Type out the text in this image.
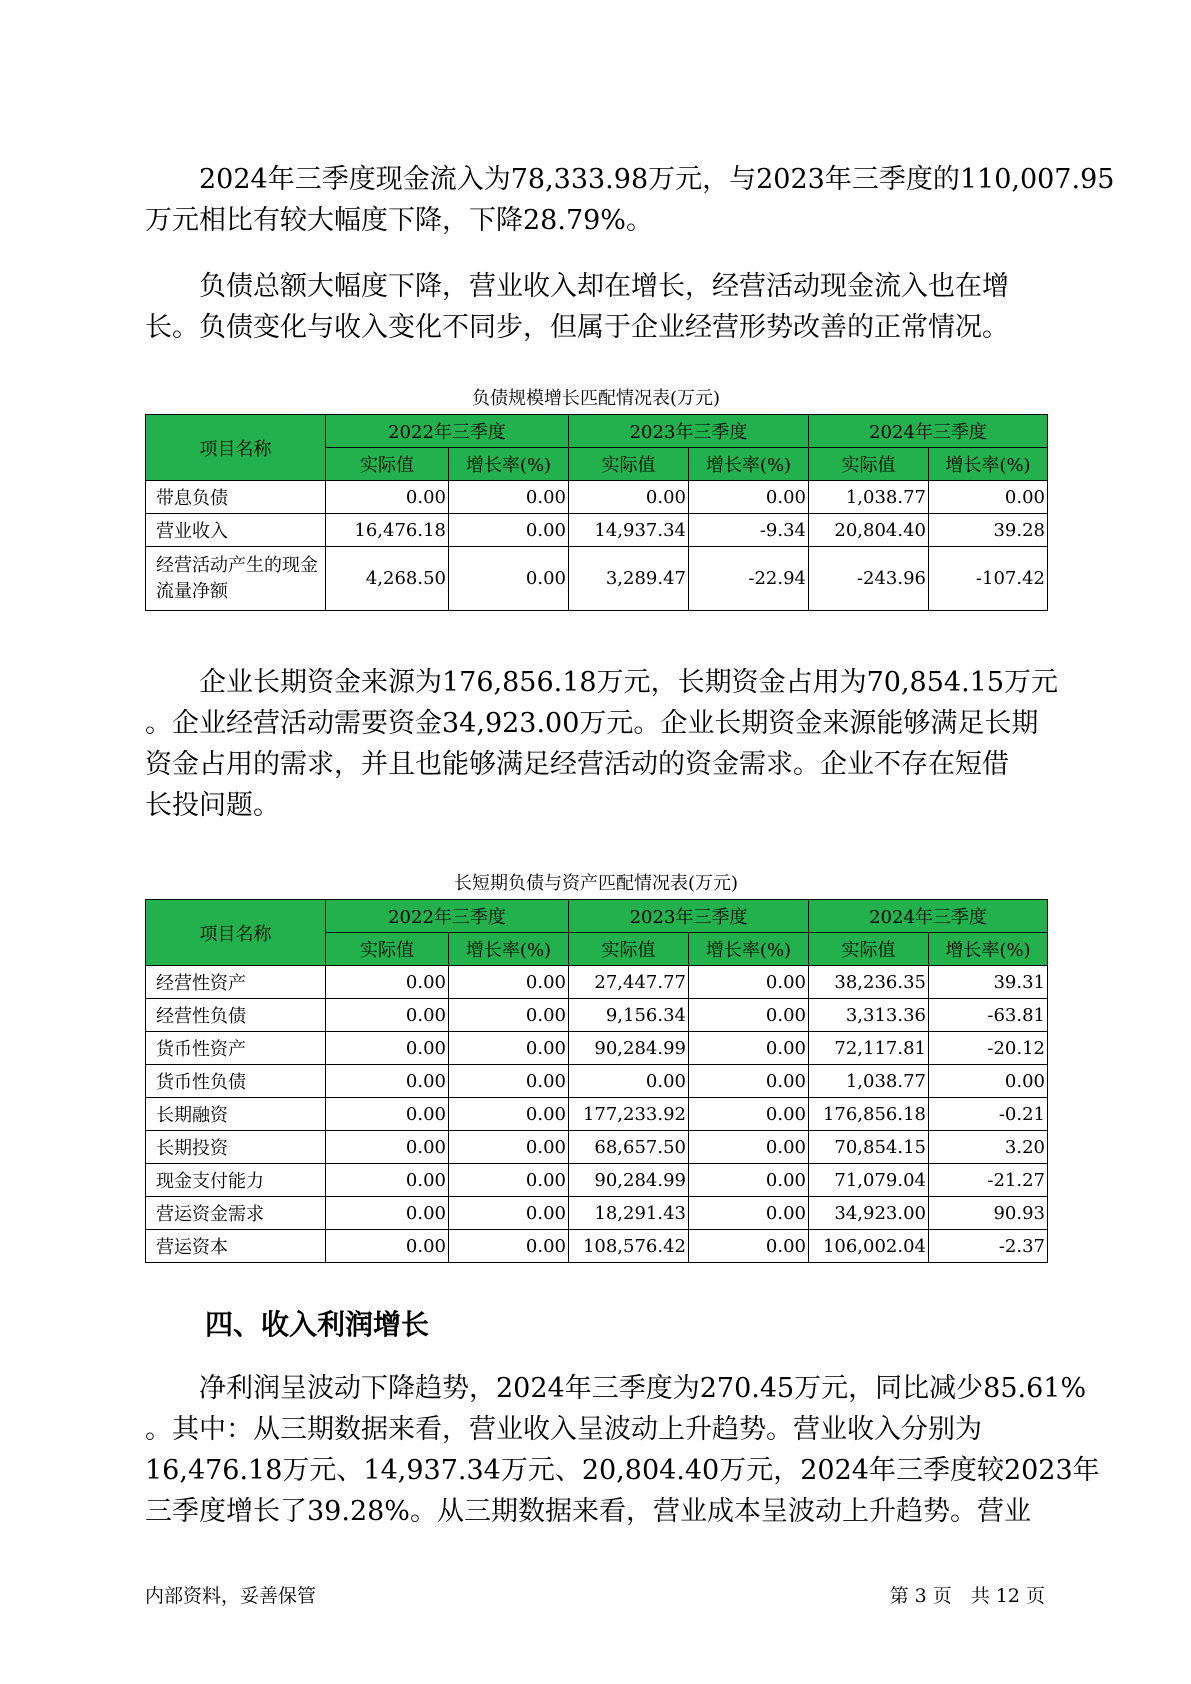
　　2024年三季度现金流入为78,333.98万元，与2023年三季度的110,007.95
万元相比有较大幅度下降，下降28.79%。

　　负债总额大幅度下降，营业收入却在增长，经营活动现金流入也在增
长。负债变化与收入变化不同步，但属于企业经营形势改善的正常情况。

负债规模增长匹配情况表(万元)
项目名称	2022年三季度		2023年三季度		2024年三季度	
	实际值	增长率(%)	实际值	增长率(%)	实际值	增长率(%)
带息负债	0.00	0.00	0.00	0.00	1,038.77	0.00
营业收入	16,476.18	0.00	14,937.34	-9.34	20,804.40	39.28
经营活动产生的现金流量净额	4,268.50	0.00	3,289.47	-22.94	-243.96	-107.42

　　企业长期资金来源为176,856.18万元，长期资金占用为70,854.15万元
。企业经营活动需要资金34,923.00万元。企业长期资金来源能够满足长期
资金占用的需求，并且也能够满足经营活动的资金需求。企业不存在短借
长投问题。

长短期负债与资产匹配情况表(万元)
项目名称	2022年三季度		2023年三季度		2024年三季度	
	实际值	增长率(%)	实际值	增长率(%)	实际值	增长率(%)
经营性资产	0.00	0.00	27,447.77	0.00	38,236.35	39.31
经营性负债	0.00	0.00	9,156.34	0.00	3,313.36	-63.81
货币性资产	0.00	0.00	90,284.99	0.00	72,117.81	-20.12
货币性负债	0.00	0.00	0.00	0.00	1,038.77	0.00
长期融资	0.00	0.00	177,233.92	0.00	176,856.18	-0.21
长期投资	0.00	0.00	68,657.50	0.00	70,854.15	3.20
现金支付能力	0.00	0.00	90,284.99	0.00	71,079.04	-21.27
营运资金需求	0.00	0.00	18,291.43	0.00	34,923.00	90.93
营运资本	0.00	0.00	108,576.42	0.00	106,002.04	-2.37
四、收入利润增长

　　净利润呈波动下降趋势，2024年三季度为270.45万元，同比减少85.61%
。其中：从三期数据来看，营业收入呈波动上升趋势。营业收入分别为
16,476.18万元、14,937.34万元、20,804.40万元，2024年三季度较2023年
三季度增长了39.28%。从三期数据来看，营业成本呈波动上升趋势。营业

内部资料，妥善保管	第 3 页　共 12 页
